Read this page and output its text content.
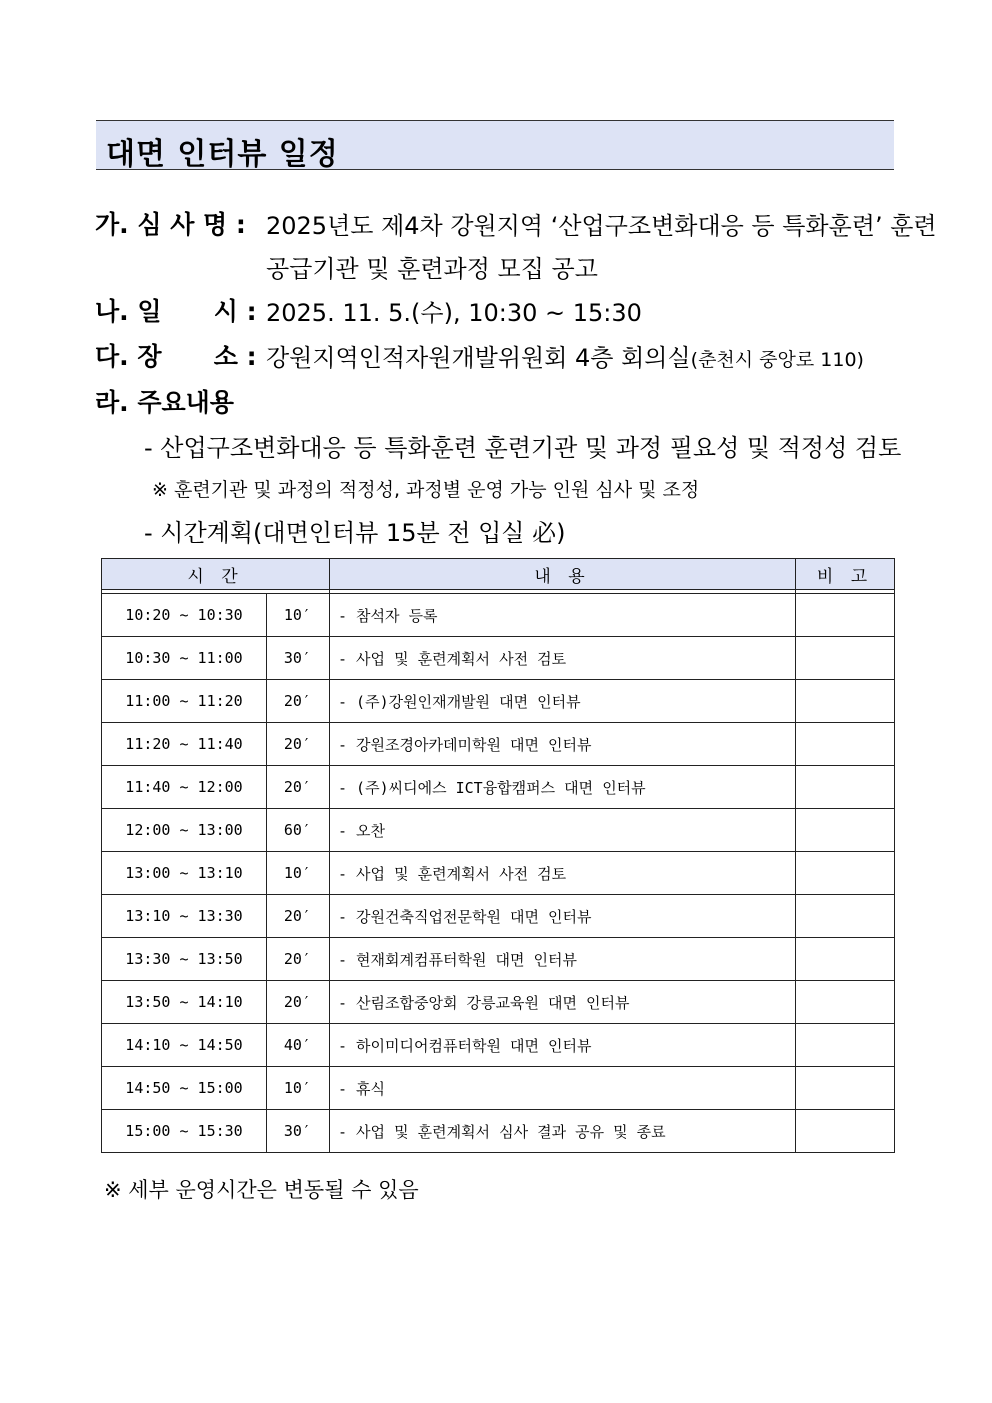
대면 인터뷰 일정
가. 심 사 명 : 2025년도 제4차 강원지역 ‘산업구조변화대응 등 특화훈련’ 훈련
공급기관 및 훈련과정 모집 공고
나. 일      시 : 2025. 11. 5.(수), 10:30 ~ 15:30
다. 장      소 : 강원지역인적자원개발위원회 4층 회의실(춘천시 중앙로 110)
라. 주요내용
- 산업구조변화대응 등 특화훈련 훈련기관 및 과정 필요성 및 적정성 검토
※ 훈련기관 및 과정의 적정성, 과정별 운영 가능 인원 심사 및 조정
- 시간계획(대면인터뷰 15분 전 입실 必)
시 간		내 용	비 고

10:20 ~ 10:30	10′	- 참석자 등록	
10:30 ~ 11:00	30′	- 사업 및 훈련계획서 사전 검토	
11:00 ~ 11:20	20′	- (주)강원인재개발원 대면 인터뷰	
11:20 ~ 11:40	20′	- 강원조경아카데미학원 대면 인터뷰	
11:40 ~ 12:00	20′	- (주)씨디에스 ICT융합캠퍼스 대면 인터뷰	
12:00 ~ 13:00	60′	- 오찬	
13:00 ~ 13:10	10′	- 사업 및 훈련계획서 사전 검토	
13:10 ~ 13:30	20′	- 강원건축직업전문학원 대면 인터뷰	
13:30 ~ 13:50	20′	- 현재회계컴퓨터학원 대면 인터뷰	
13:50 ~ 14:10	20′	- 산림조합중앙회 강릉교육원 대면 인터뷰	
14:10 ~ 14:50	40′	- 하이미디어컴퓨터학원 대면 인터뷰	
14:50 ~ 15:00	10′	- 휴식	
15:00 ~ 15:30	30′	- 사업 및 훈련계획서 심사 결과 공유 및 종료	
※ 세부 운영시간은 변동될 수 있음
